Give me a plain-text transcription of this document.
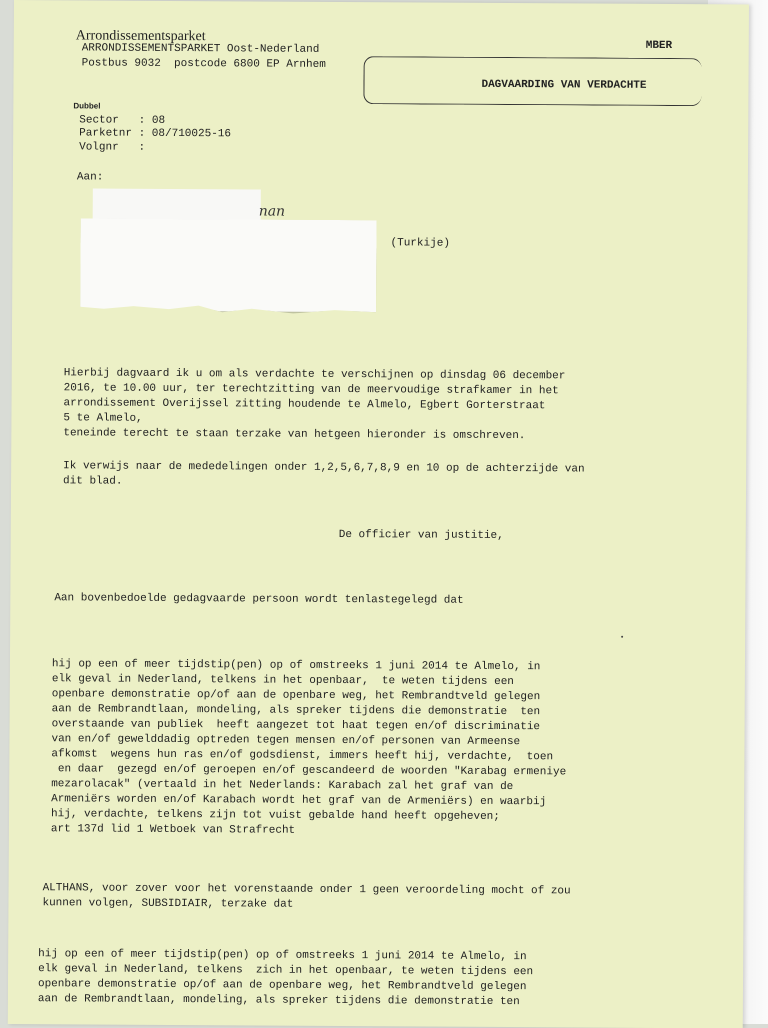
Arrondissementsparket
ARRONDISSEMENTSPARKET Oost-Nederland
Postbus 9032  postcode 6800 EP Arnhem
MBER
DAGVAARDING VAN VERDACHTE
Dubbel
Sector   : 08
Parketnr : 08/710025-16
Volgnr   :
Aan:
nan
(Turkije)
Hierbij dagvaard ik u om als verdachte te verschijnen op dinsdag 06 december
2016, te 10.00 uur, ter terechtzitting van de meervoudige strafkamer in het
arrondissement Overijssel zitting houdende te Almelo, Egbert Gorterstraat
5 te Almelo,
teneinde terecht te staan terzake van hetgeen hieronder is omschreven.
Ik verwijs naar de mededelingen onder 1,2,5,6,7,8,9 en 10 op de achterzijde van
dit blad.
De officier van justitie,
Aan bovenbedoelde gedagvaarde persoon wordt tenlastegelegd dat
hij op een of meer tijdstip(pen) op of omstreeks 1 juni 2014 te Almelo, in
elk geval in Nederland, telkens in het openbaar,  te weten tijdens een
openbare demonstratie op/of aan de openbare weg, het Rembrandtveld gelegen
aan de Rembrandtlaan, mondeling, als spreker tijdens die demonstratie  ten
overstaande van publiek  heeft aangezet tot haat tegen en/of discriminatie
van en/of gewelddadig optreden tegen mensen en/of personen van Armeense
afkomst  wegens hun ras en/of godsdienst, immers heeft hij, verdachte,  toen
en daar  gezegd en/of geroepen en/of gescandeerd de woorden "Karabag ermeniye
mezarolacak" (vertaald in het Nederlands: Karabach zal het graf van de
Armeniërs worden en/of Karabach wordt het graf van de Armeniërs) en waarbij
hij, verdachte, telkens zijn tot vuist gebalde hand heeft opgeheven;
art 137d lid 1 Wetboek van Strafrecht
ALTHANS, voor zover voor het vorenstaande onder 1 geen veroordeling mocht of zou
kunnen volgen, SUBSIDIAIR, terzake dat
hij op een of meer tijdstip(pen) op of omstreeks 1 juni 2014 te Almelo, in
elk geval in Nederland, telkens  zich in het openbaar, te weten tijdens een
openbare demonstratie op/of aan de openbare weg, het Rembrandtveld gelegen
aan de Rembrandtlaan, mondeling, als spreker tijdens die demonstratie ten
